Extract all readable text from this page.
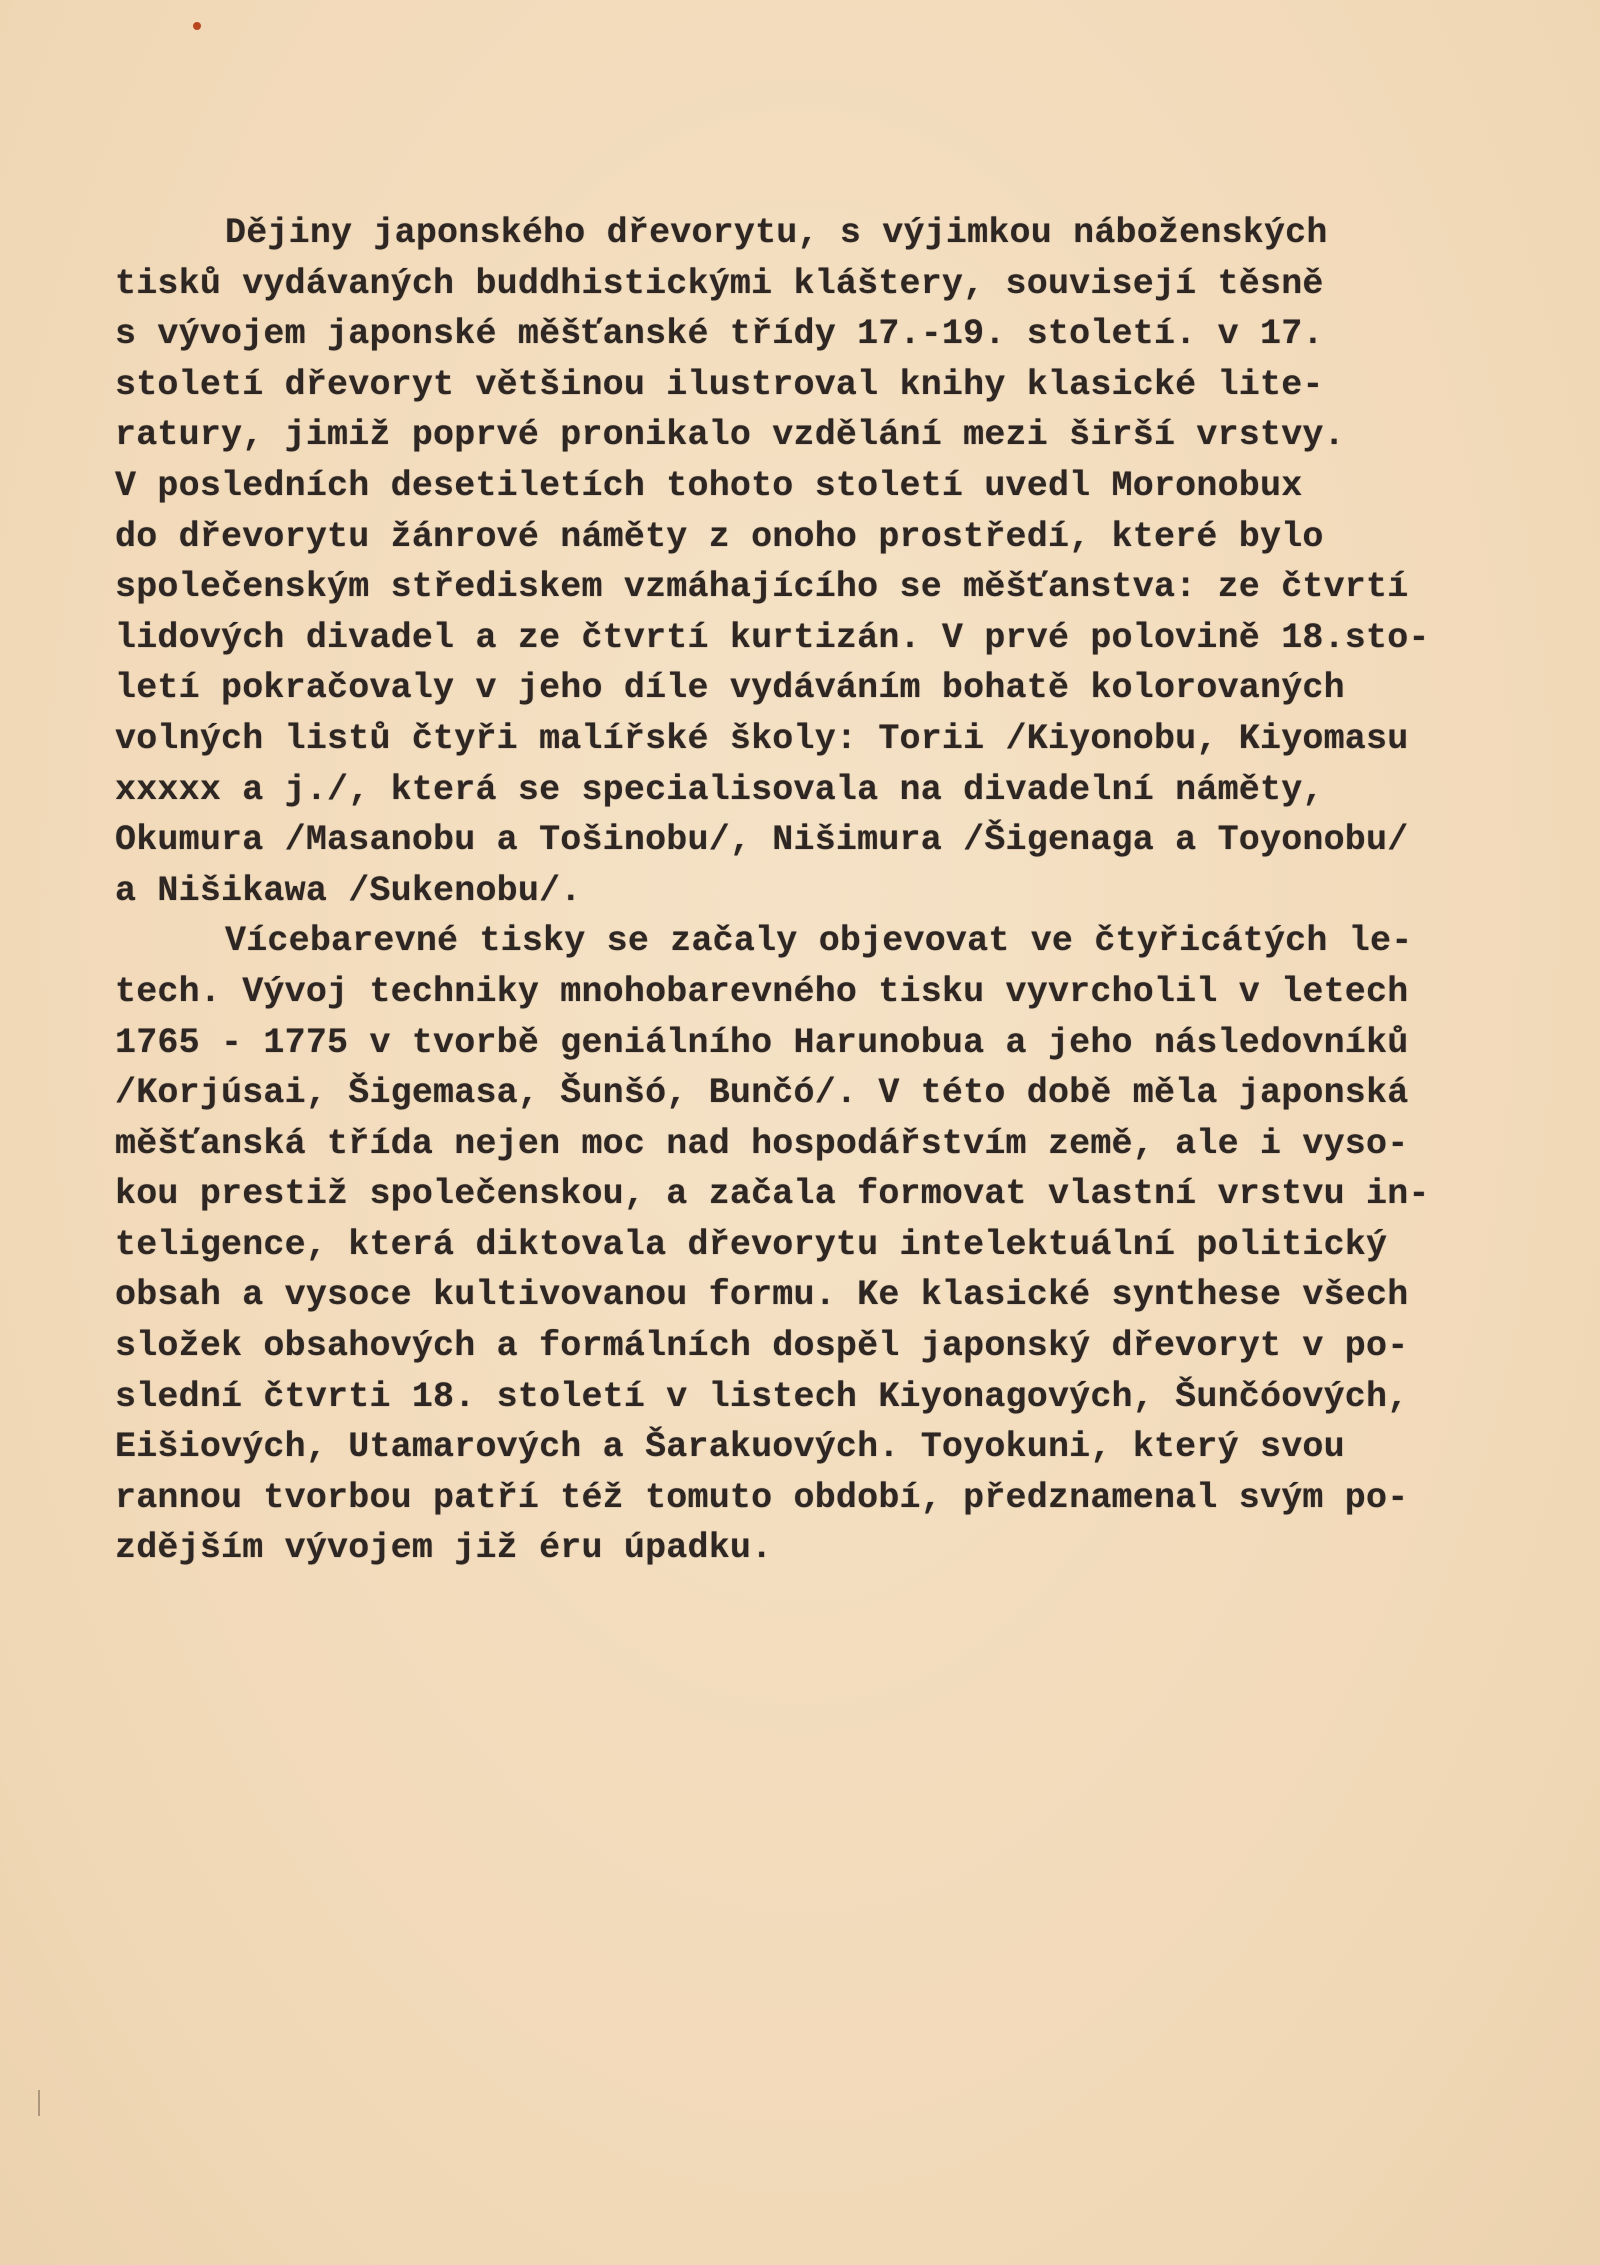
Dějiny japonského dřevorytu, s výjimkou náboženských
tisků vydávaných buddhistickými kláštery, souvisejí těsně
s vývojem japonské měšťanské třídy 17.-19. století. v 17.
století dřevoryt většinou ilustroval knihy klasické lite-
ratury, jimiž poprvé pronikalo vzdělání mezi širší vrstvy.
V posledních desetiletích tohoto století uvedl Moronobux
do dřevorytu žánrové náměty z onoho prostředí, které bylo
společenským střediskem vzmáhajícího se měšťanstva: ze čtvrtí
lidových divadel a ze čtvrtí kurtizán. V prvé polovině 18.sto-
letí pokračovaly v jeho díle vydáváním bohatě kolorovaných
volných listů čtyři malířské školy: Torii /Kiyonobu, Kiyomasu
xxxxx a j./, která se specialisovala na divadelní náměty,
Okumura /Masanobu a Tošinobu/, Nišimura /Šigenaga a Toyonobu/
a Nišikawa /Sukenobu/.
Vícebarevné tisky se začaly objevovat ve čtyřicátých le-
tech. Vývoj techniky mnohobarevného tisku vyvrcholil v letech
1765 - 1775 v tvorbě geniálního Harunobua a jeho následovníků
/Korjúsai, Šigemasa, Šunšó, Bunčó/. V této době měla japonská
měšťanská třída nejen moc nad hospodářstvím země, ale i vyso-
kou prestiž společenskou, a začala formovat vlastní vrstvu in-
teligence, která diktovala dřevorytu intelektuální politický
obsah a vysoce kultivovanou formu. Ke klasické synthese všech
složek obsahových a formálních dospěl japonský dřevoryt v po-
slední čtvrti 18. století v listech Kiyonagových, Šunčóových,
Eišiových, Utamarových a Šarakuových. Toyokuni, který svou
rannou tvorbou patří též tomuto období, předznamenal svým po-
zdějším vývojem již éru úpadku.
